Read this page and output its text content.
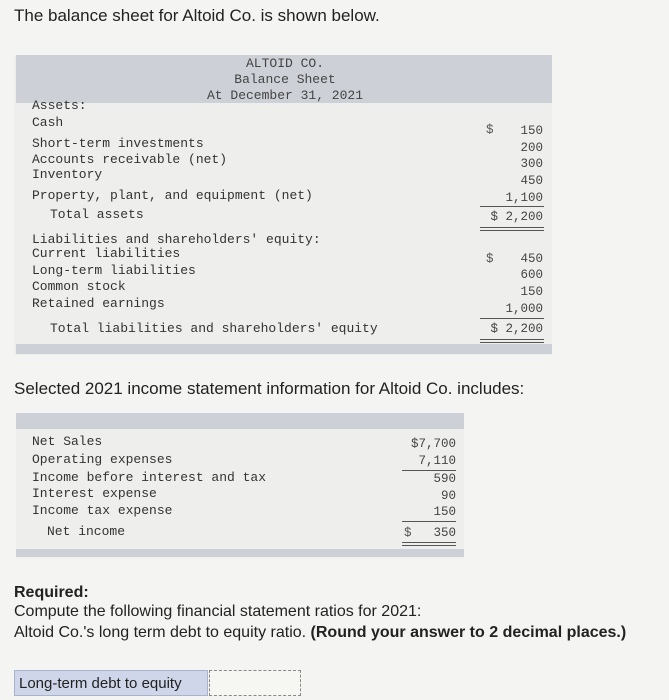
The balance sheet for Altoid Co. is shown below.
ALTOID CO.
Balance Sheet
At December 31, 2021
Assets:
Cash
Short-term investments
Accounts receivable (net)
Inventory
Property, plant, and equipment (net)
Total assets
$ 150
200
300
450
1,100
$ 2,200
Liabilities and shareholders' equity:
Current liabilities
Long-term liabilities
Common stock
Retained earnings
Total liabilities and shareholders' equity
$ 450
600
150
1,000
$ 2,200
Selected 2021 income statement information for Altoid Co. includes:
Net Sales
Operating expenses
Income before interest and tax
Interest expense
Income tax expense
Net income
$7,700
7,110
590
90
150
$ 350
Required:
Compute the following financial statement ratios for 2021:
Altoid Co.'s long term debt to equity ratio. (Round your answer to 2 decimal places.)
Long-term debt to equity
